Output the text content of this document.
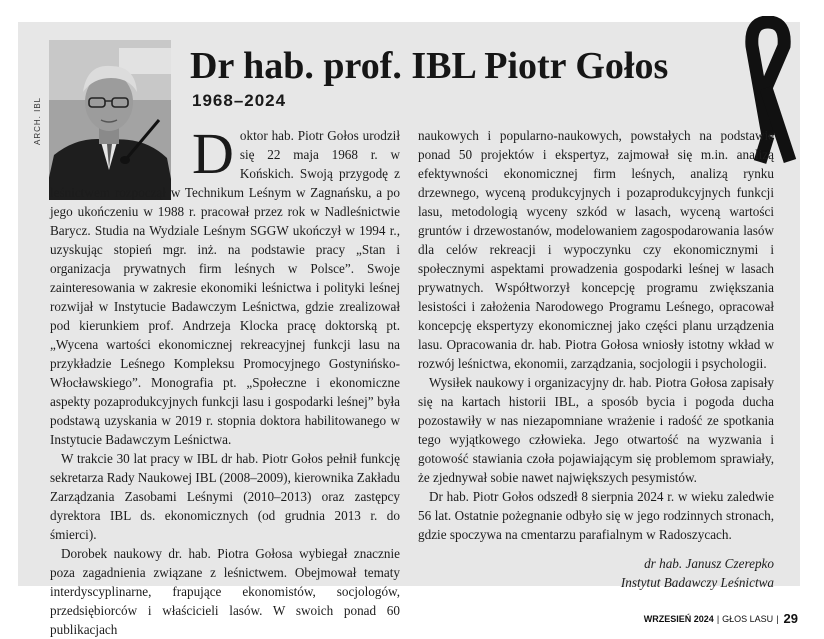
ARCH. IBL
Dr hab. prof. IBL Piotr Gołos
1968–2024

Doktor hab. Piotr Gołos urodził się 22 maja 1968 r. w Końskich. Swoją przygodę z leśnictwem rozpoczął w Technikum Leśnym w Zagnańsku, a po jego ukończeniu w 1988 r. pracował przez rok w Nadleśnictwie Barycz. Studia na Wydziale Leśnym SGGW ukończył w 1994 r., uzyskując stopień mgr. inż. na podstawie pracy „Stan i organizacja prywatnych firm leśnych w Polsce”. Swoje zainteresowania w zakresie ekonomiki leśnictwa i polityki leśnej rozwijał w Instytucie Badawczym Leśnictwa, gdzie zrealizował pod kierunkiem prof. Andrzeja Klocka pracę doktorską pt. „Wycena wartości ekonomicznej rekreacyjnej funkcji lasu na przykładzie Leśnego Kompleksu Promocyjnego Gostynińsko-Włocławskiego”. Monografia pt. „Społeczne i ekonomiczne aspekty pozaprodukcyjnych funkcji lasu i gospodarki leśnej” była podstawą uzyskania w 2019 r. stopnia doktora habilitowanego w Instytucie Badawczym Leśnictwa.

W trakcie 30 lat pracy w IBL dr hab. Piotr Gołos pełnił funkcję sekretarza Rady Naukowej IBL (2008–2009), kierownika Zakładu Zarządzania Zasobami Leśnymi (2010–2013) oraz zastępcy dyrektora IBL ds. ekonomicznych (od grudnia 2013 r. do śmierci).

Dorobek naukowy dr. hab. Piotra Gołosa wybiegał znacznie poza zagadnienia związane z leśnictwem. Obejmował tematy interdyscyplinarne, frapujące ekonomistów, socjologów, przedsiębiorców i właścicieli lasów. W swoich ponad 60 publikacjach

naukowych i popularno-naukowych, powstałych na podstawie ponad 50 projektów i ekspertyz, zajmował się m.in. analizą efektywności ekonomicznej firm leśnych, analizą rynku drzewnego, wyceną produkcyjnych i pozaprodukcyjnych funkcji lasu, metodologią wyceny szkód w lasach, wyceną wartości gruntów i drzewostanów, modelowaniem zagospodarowania lasów dla celów rekreacji i wypoczynku czy ekonomicznymi i społecznymi aspektami prowadzenia gospodarki leśnej w lasach prywatnych. Współtworzył koncepcję programu zwiększania lesistości i założenia Narodowego Programu Leśnego, opracował koncepcję ekspertyzy ekonomicznej jako części planu urządzenia lasu. Opracowania dr. hab. Piotra Gołosa wniosły istotny wkład w rozwój leśnictwa, ekonomii, zarządzania, socjologii i psychologii.

Wysiłek naukowy i organizacyjny dr. hab. Piotra Gołosa zapisały się na kartach historii IBL, a sposób bycia i pogoda ducha pozostawiły w nas niezapomniane wrażenie i radość ze spotkania tego wyjątkowego człowieka. Jego otwartość na wyzwania i gotowość stawiania czoła pojawiającym się problemom sprawiały, że zjednywał sobie nawet największych pesymistów.

Dr hab. Piotr Gołos odszedł 8 sierpnia 2024 r. w wieku zaledwie 56 lat. Ostatnie pożegnanie odbyło się w jego rodzinnych stronach, gdzie spoczywa na cmentarzu parafialnym w Radoszycach.

dr hab. Janusz Czerepko
Instytut Badawczy Leśnictwa
WRZESIEŃ 2024 | GŁOS LASU | 29
